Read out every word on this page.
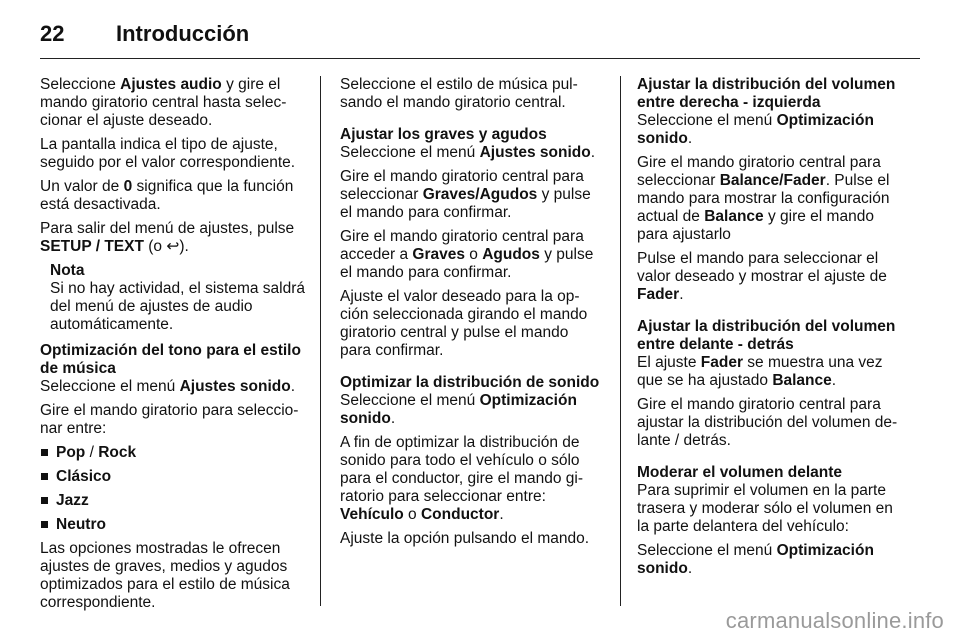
22	Introducción

Seleccione Ajustes audio y gire el mando giratorio central hasta seleccionar el ajuste deseado.

La pantalla indica el tipo de ajuste, seguido por el valor correspondiente.

Un valor de 0 significa que la función está desactivada.

Para salir del menú de ajustes, pulse SETUP / TEXT (o ↩).

Nota
Si no hay actividad, el sistema saldrá del menú de ajustes de audio automáticamente.
Optimización del tono para el estilo de música

Seleccione el menú Ajustes sonido.

Gire el mando giratorio para seleccionar entre:

Pop / Rock
Clásico
Jazz
Neutro

Las opciones mostradas le ofrecen ajustes de graves, medios y agudos optimizados para el estilo de música correspondiente.

Seleccione el estilo de música pulsando el mando giratorio central.

Ajustar los graves y agudos

Seleccione el menú Ajustes sonido.

Gire el mando giratorio central para seleccionar Graves/Agudos y pulse el mando para confirmar.

Gire el mando giratorio central para acceder a Graves o Agudos y pulse el mando para confirmar.

Ajuste el valor deseado para la opción seleccionada girando el mando giratorio central y pulse el mando para confirmar.

Optimizar la distribución de sonido

Seleccione el menú Optimización sonido.

A fin de optimizar la distribución de sonido para todo el vehículo o sólo para el conductor, gire el mando giratorio para seleccionar entre: Vehículo o Conductor.

Ajuste la opción pulsando el mando.

Ajustar la distribución del volumen entre derecha - izquierda

Seleccione el menú Optimización sonido.

Gire el mando giratorio central para seleccionar Balance/Fader. Pulse el mando para mostrar la configuración actual de Balance y gire el mando para ajustarlo

Pulse el mando para seleccionar el valor deseado y mostrar el ajuste de Fader.

Ajustar la distribución del volumen entre delante - detrás

El ajuste Fader se muestra una vez que se ha ajustado Balance.

Gire el mando giratorio central para ajustar la distribución del volumen delante / detrás.

Moderar el volumen delante

Para suprimir el volumen en la parte trasera y moderar sólo el volumen en la parte delantera del vehículo:

Seleccione el menú Optimización sonido.

carmanualsonline.info
